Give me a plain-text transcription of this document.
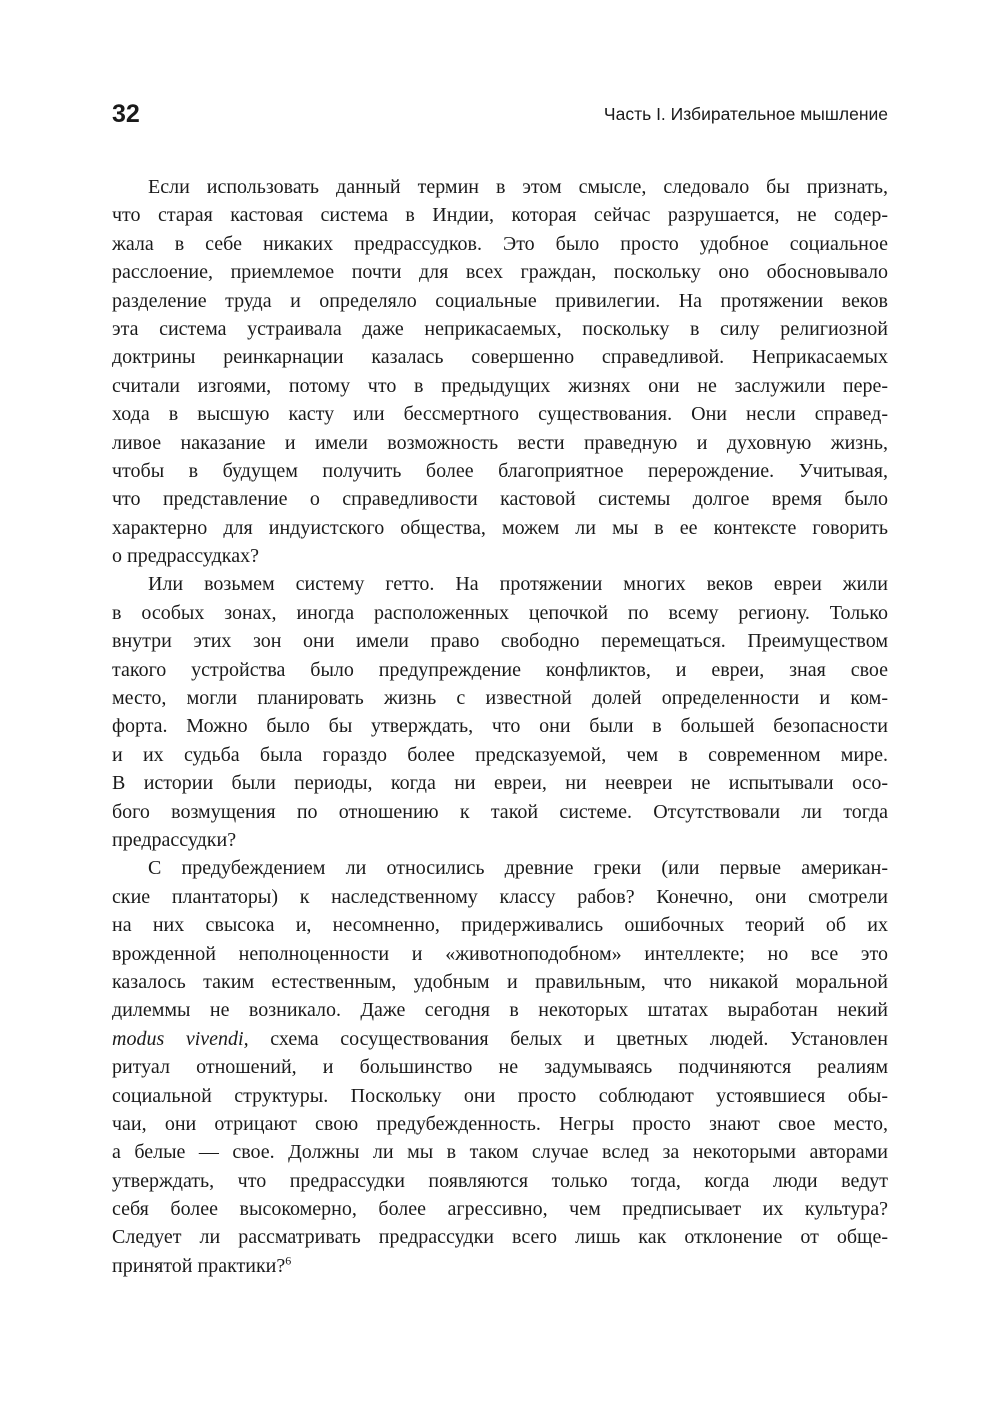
32	Часть I. Избирательное мышление

Если использовать данный термин в этом смысле, следовало бы признать,
что старая кастовая система в Индии, которая сейчас разрушается, не содер-
жала в себе никаких предрассудков. Это было просто удобное социальное
расслоение, приемлемое почти для всех граждан, поскольку оно обосновывало
разделение труда и определяло социальные привилегии. На протяжении веков
эта система устраивала даже неприкасаемых, поскольку в силу религиозной
доктрины реинкарнации казалась совершенно справедливой. Неприкасаемых
считали изгоями, потому что в предыдущих жизнях они не заслужили пере-
хода в высшую касту или бессмертного существования. Они несли справед-
ливое наказание и имели возможность вести праведную и духовную жизнь,
чтобы в будущем получить более благоприятное перерождение. Учитывая,
что представление о справедливости кастовой системы долгое время было
характерно для индуистского общества, можем ли мы в ее контексте говорить
о предрассудках?

Или возьмем систему гетто. На протяжении многих веков евреи жили
в особых зонах, иногда расположенных цепочкой по всему региону. Только
внутри этих зон они имели право свободно перемещаться. Преимуществом
такого устройства было предупреждение конфликтов, и евреи, зная свое
место, могли планировать жизнь с известной долей определенности и ком-
форта. Можно было бы утверждать, что они были в большей безопасности
и их судьба была гораздо более предсказуемой, чем в современном мире.
В истории были периоды, когда ни евреи, ни неевреи не испытывали осо-
бого возмущения по отношению к такой системе. Отсутствовали ли тогда
предрассудки?

С предубеждением ли относились древние греки (или первые американ-
ские плантаторы) к наследственному классу рабов? Конечно, они смотрели
на них свысока и, несомненно, придерживались ошибочных теорий об их
врожденной неполноценности и «животноподобном» интеллекте; но все это
казалось таким естественным, удобным и правильным, что никакой моральной
дилеммы не возникало. Даже сегодня в некоторых штатах выработан некий
modus vivendi, схема сосуществования белых и цветных людей. Установлен
ритуал отношений, и большинство не задумываясь подчиняются реалиям
социальной структуры. Поскольку они просто соблюдают устоявшиеся обы-
чаи, они отрицают свою предубежденность. Негры просто знают свое место,
а белые — свое. Должны ли мы в таком случае вслед за некоторыми авторами
утверждать, что предрассудки появляются только тогда, когда люди ведут
себя более высокомерно, более агрессивно, чем предписывает их культура?
Следует ли рассматривать предрассудки всего лишь как отклонение от обще-
принятой практики?$^6$
